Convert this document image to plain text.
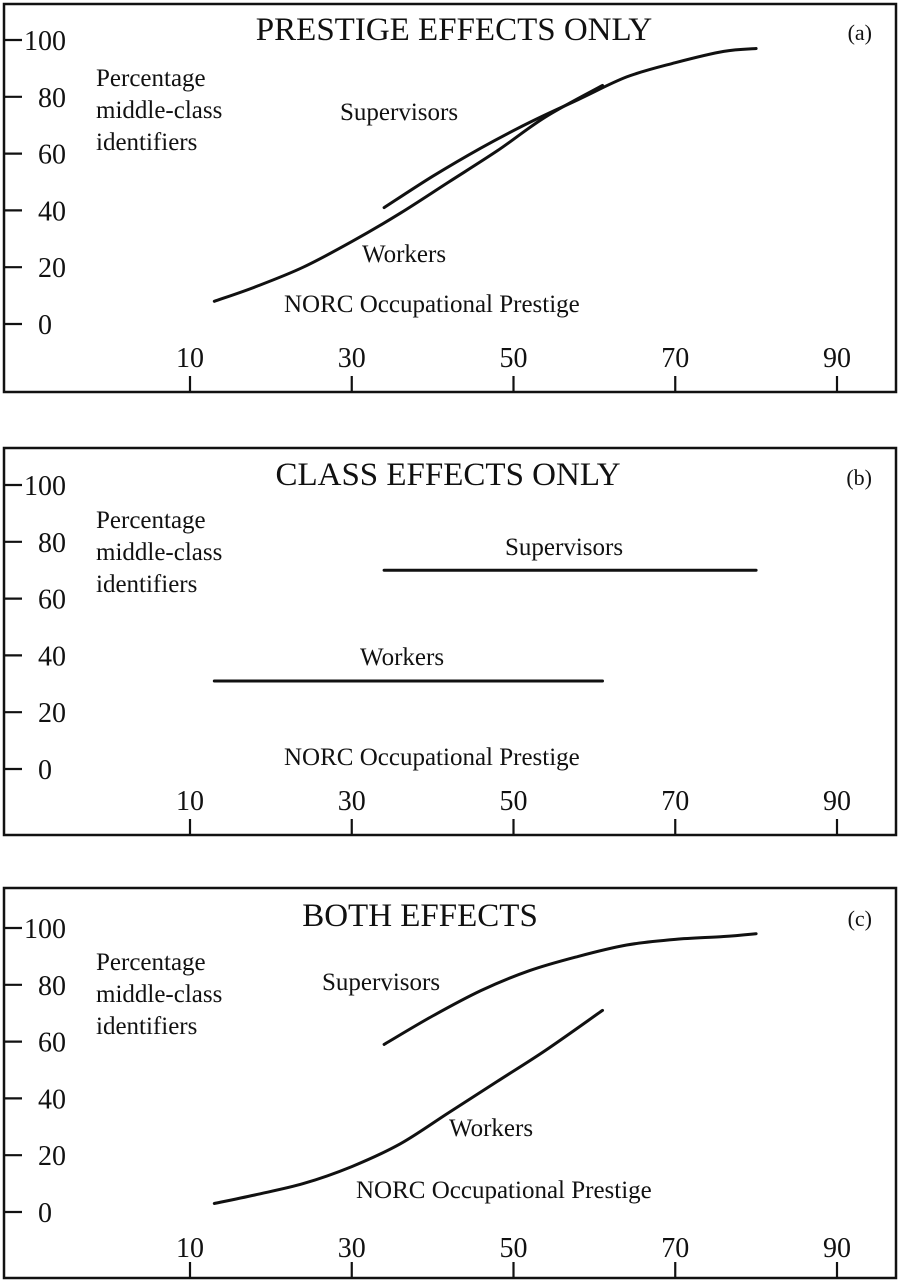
PRESTIGE EFFECTS ONLY	(a)
0
20
40
60
80
100
10	30	50	70	90
Percentage
middle-class
identifiers
NORC Occupational Prestige
Supervisors
Workers
CLASS EFFECTS ONLY	(b)
0
20
40
60
80
100
10	30	50	70	90
Percentage
middle-class
identifiers
NORC Occupational Prestige
Supervisors
Workers
BOTH EFFECTS	(c)
0
20
40
60
80
100
10	30	50	70	90
Percentage
middle-class
identifiers
NORC Occupational Prestige
Supervisors
Workers
